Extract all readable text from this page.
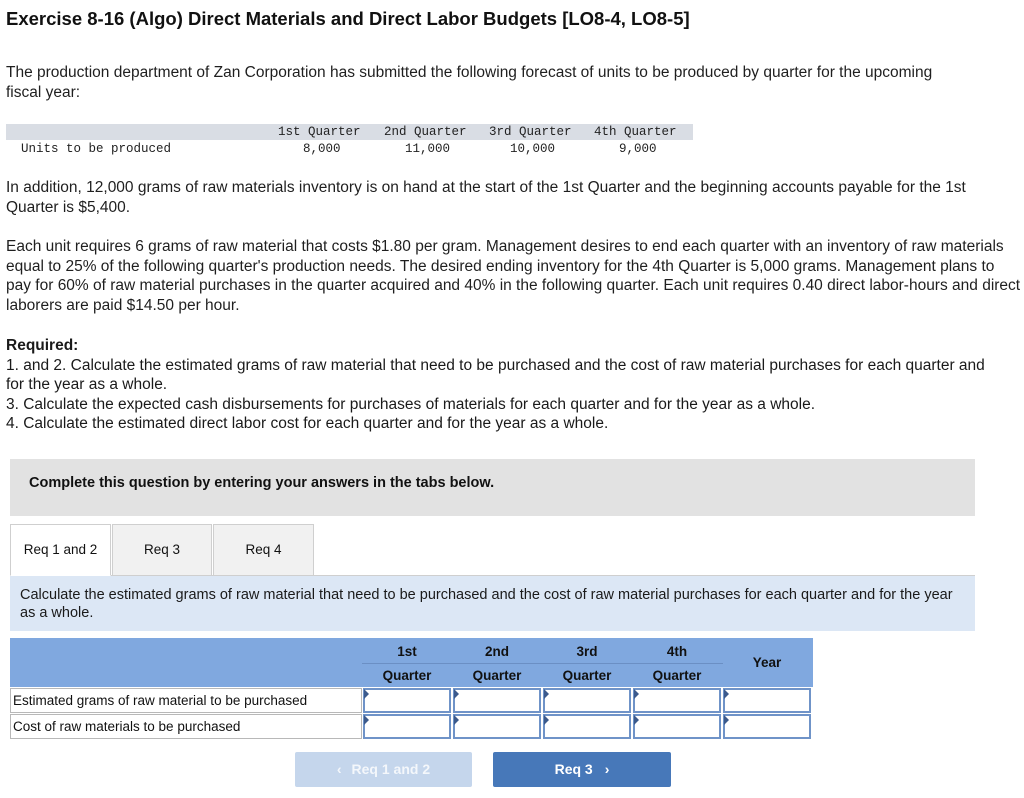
Exercise 8-16 (Algo) Direct Materials and Direct Labor Budgets [LO8-4, LO8-5]
The production department of Zan Corporation has submitted the following forecast of units to be produced by quarter for the upcoming fiscal year:
1st Quarter 2nd Quarter 3rd Quarter 4th Quarter
Units to be produced	8,000	11,000	10,000	9,000
In addition, 12,000 grams of raw materials inventory is on hand at the start of the 1st Quarter and the beginning accounts payable for the 1st Quarter is $5,400.
Each unit requires 6 grams of raw material that costs $1.80 per gram. Management desires to end each quarter with an inventory of raw materials equal to 25% of the following quarter's production needs. The desired ending inventory for the 4th Quarter is 5,000 grams. Management plans to pay for 60% of raw material purchases in the quarter acquired and 40% in the following quarter. Each unit requires 0.40 direct labor-hours and direct laborers are paid $14.50 per hour.
Required:
1. and 2. Calculate the estimated grams of raw material that need to be purchased and the cost of raw material purchases for each quarter and for the year as a whole.
3. Calculate the expected cash disbursements for purchases of materials for each quarter and for the year as a whole.
4. Calculate the estimated direct labor cost for each quarter and for the year as a whole.
Complete this question by entering your answers in the tabs below.
Req 1 and 2	Req 3	Req 4
Calculate the estimated grams of raw material that need to be purchased and the cost of raw material purchases for each quarter and for the year as a whole.
1st
Quarter
2nd
Quarter
3rd
Quarter
4th
Quarter
Year
Estimated grams of raw material to be purchased
Cost of raw materials to be purchased
‹ Req 1 and 2	Req 3 ›
